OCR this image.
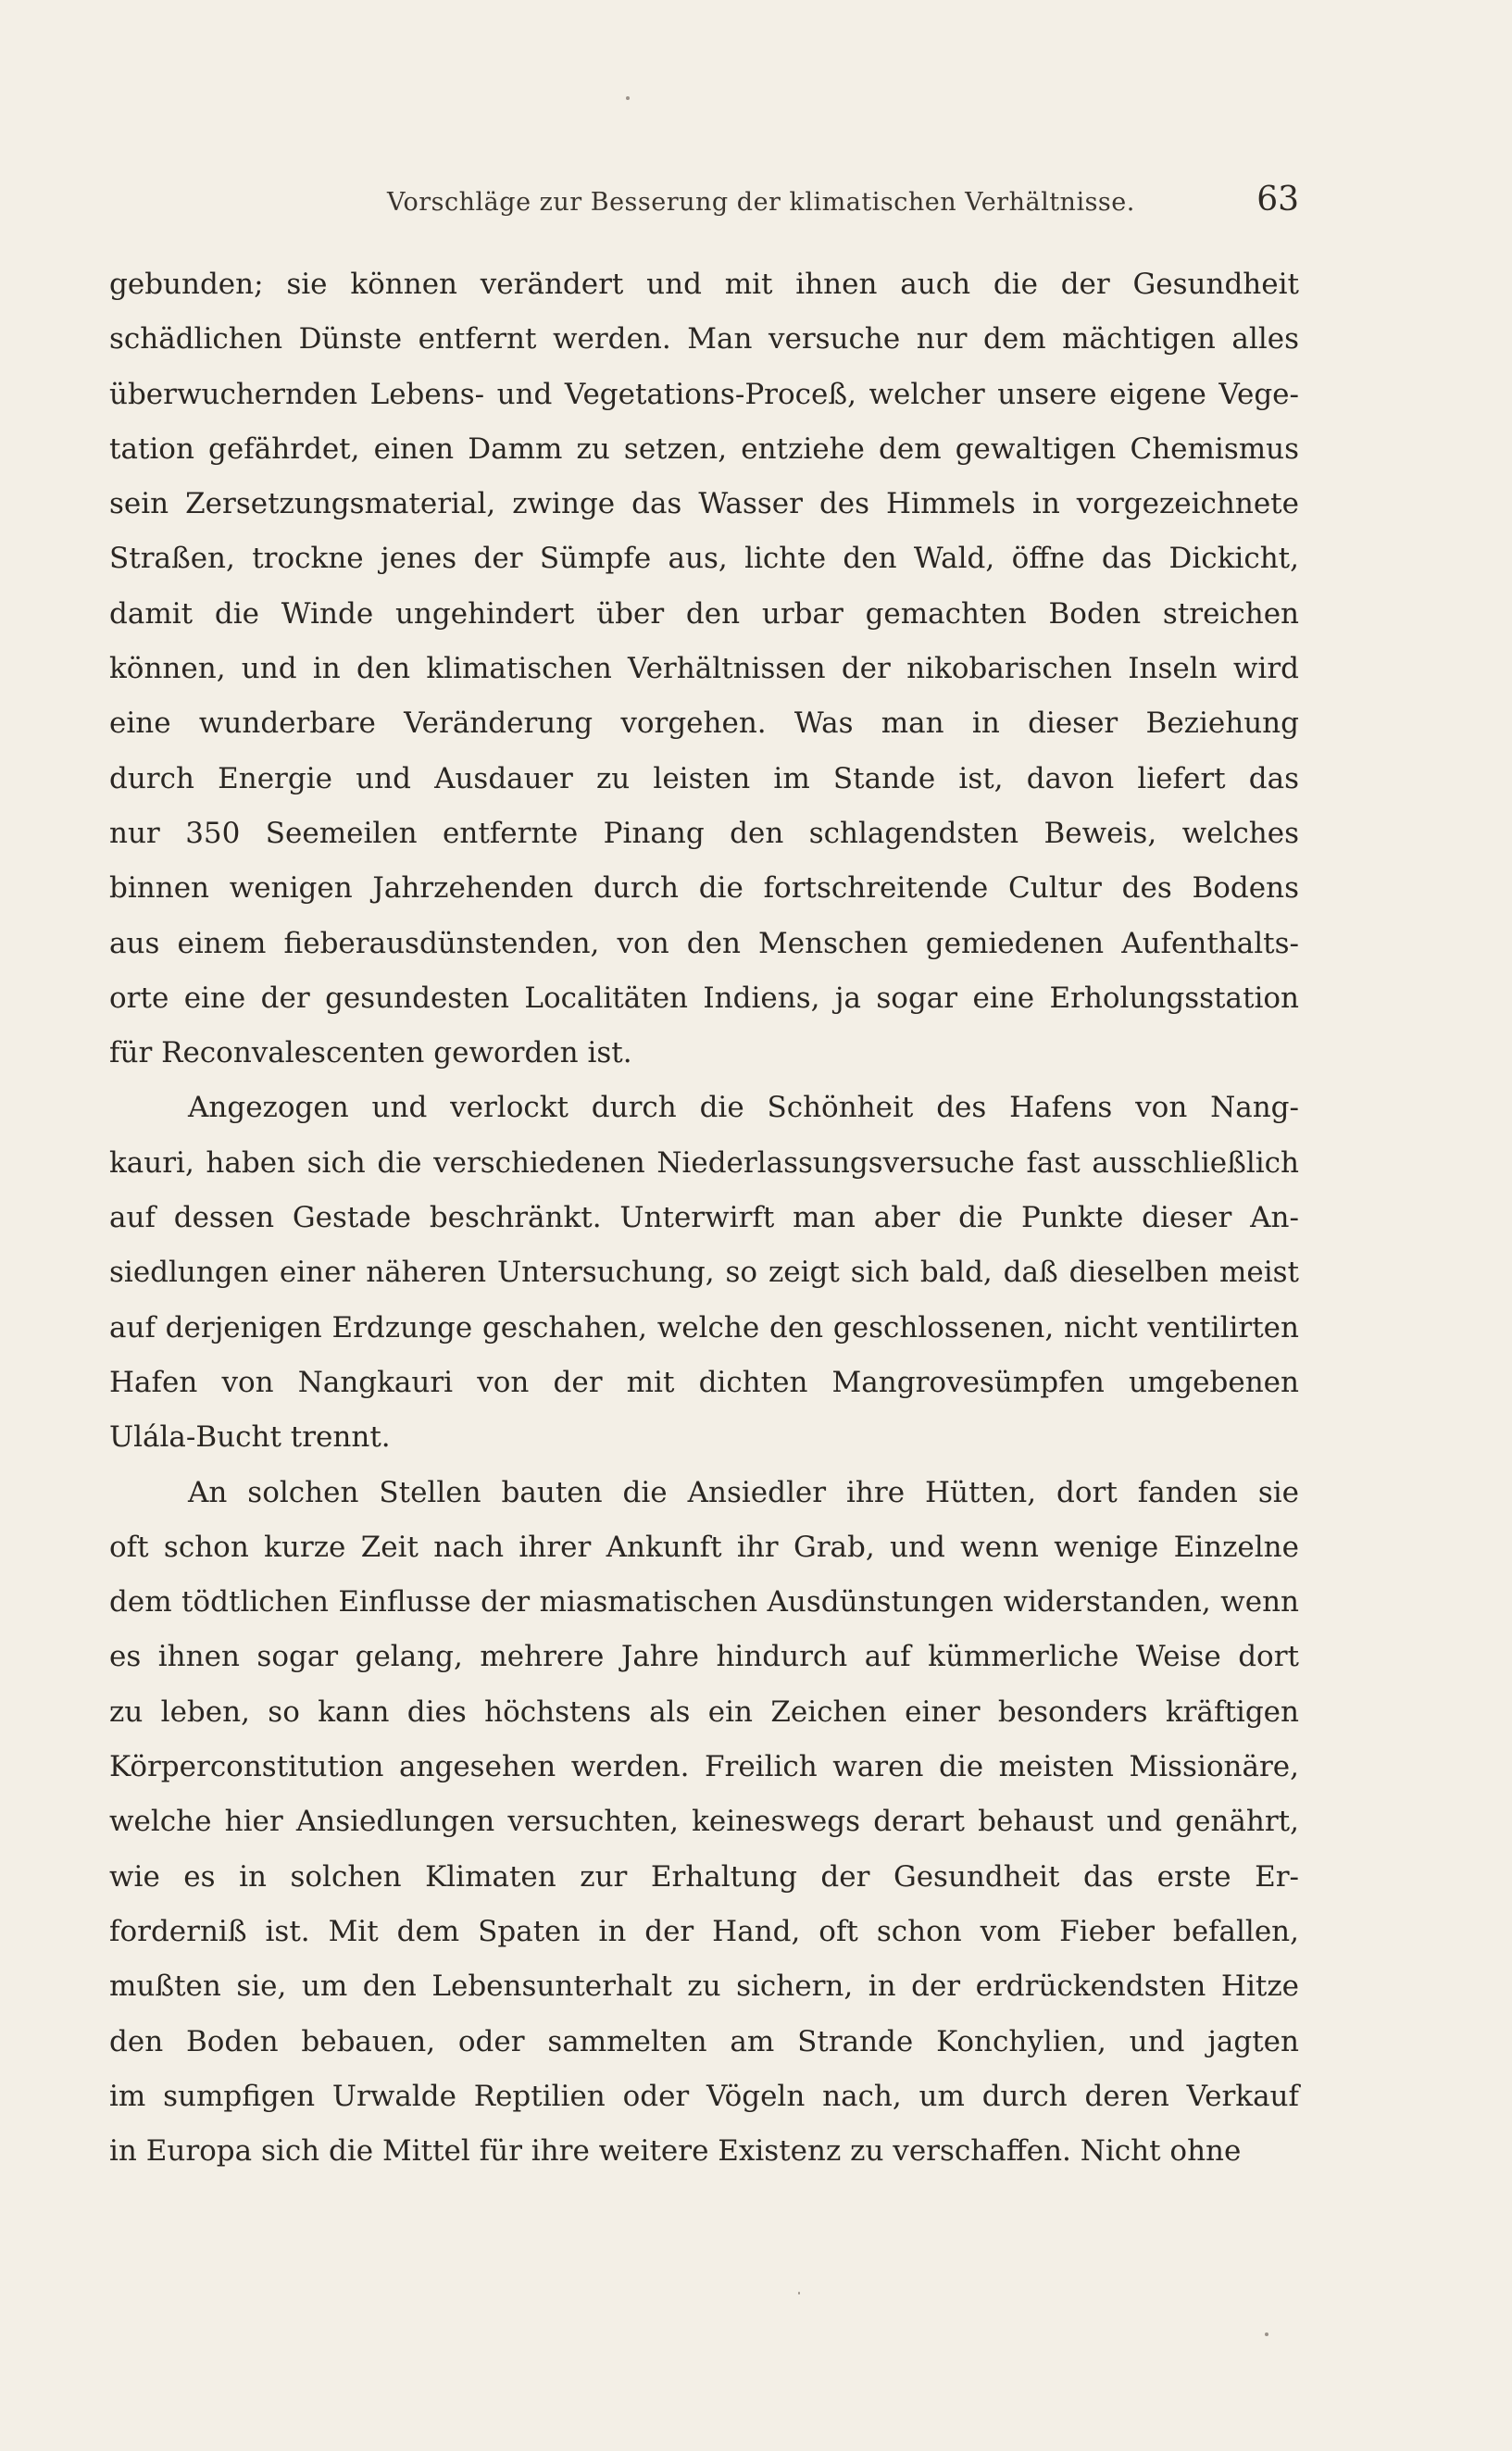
Vorschläge zur Besserung der klimatischen Verhältnisse.	63
gebunden; sie können verändert und mit ihnen auch die der Gesundheit
schädlichen Dünste entfernt werden. Man versuche nur dem mächtigen alles
überwuchernden Lebens- und Vegetations-Proceß, welcher unsere eigene Vege-
tation gefährdet, einen Damm zu setzen, entziehe dem gewaltigen Chemismus
sein Zersetzungsmaterial, zwinge das Wasser des Himmels in vorgezeichnete
Straßen, trockne jenes der Sümpfe aus, lichte den Wald, öffne das Dickicht,
damit die Winde ungehindert über den urbar gemachten Boden streichen
können, und in den klimatischen Verhältnissen der nikobarischen Inseln wird
eine wunderbare Veränderung vorgehen. Was man in dieser Beziehung
durch Energie und Ausdauer zu leisten im Stande ist, davon liefert das
nur 350 Seemeilen entfernte Pinang den schlagendsten Beweis, welches
binnen wenigen Jahrzehenden durch die fortschreitende Cultur des Bodens
aus einem fieberausdünstenden, von den Menschen gemiedenen Aufenthalts-
orte eine der gesundesten Localitäten Indiens, ja sogar eine Erholungsstation
für Reconvalescenten geworden ist.
Angezogen und verlockt durch die Schönheit des Hafens von Nang-
kauri, haben sich die verschiedenen Niederlassungsversuche fast ausschließlich
auf dessen Gestade beschränkt. Unterwirft man aber die Punkte dieser An-
siedlungen einer näheren Untersuchung, so zeigt sich bald, daß dieselben meist
auf derjenigen Erdzunge geschahen, welche den geschlossenen, nicht ventilirten
Hafen von Nangkauri von der mit dichten Mangrovesümpfen umgebenen
Ulála-Bucht trennt.
An solchen Stellen bauten die Ansiedler ihre Hütten, dort fanden sie
oft schon kurze Zeit nach ihrer Ankunft ihr Grab, und wenn wenige Einzelne
dem tödtlichen Einflusse der miasmatischen Ausdünstungen widerstanden, wenn
es ihnen sogar gelang, mehrere Jahre hindurch auf kümmerliche Weise dort
zu leben, so kann dies höchstens als ein Zeichen einer besonders kräftigen
Körperconstitution angesehen werden. Freilich waren die meisten Missionäre,
welche hier Ansiedlungen versuchten, keineswegs derart behaust und genährt,
wie es in solchen Klimaten zur Erhaltung der Gesundheit das erste Er-
forderniß ist. Mit dem Spaten in der Hand, oft schon vom Fieber befallen,
mußten sie, um den Lebensunterhalt zu sichern, in der erdrückendsten Hitze
den Boden bebauen, oder sammelten am Strande Konchylien, und jagten
im sumpfigen Urwalde Reptilien oder Vögeln nach, um durch deren Verkauf
in Europa sich die Mittel für ihre weitere Existenz zu verschaffen. Nicht ohne
